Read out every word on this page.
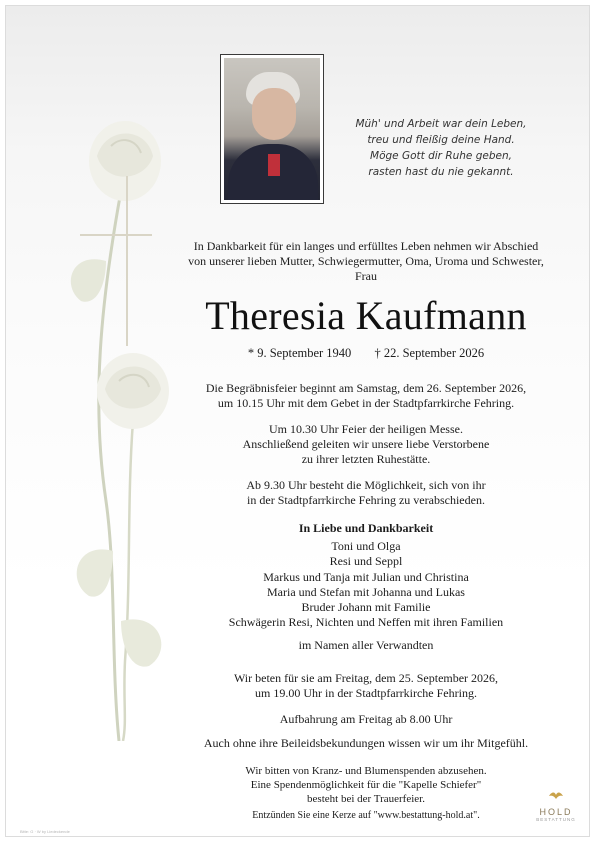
Müh' und Arbeit war dein Leben,
treu und fleißig deine Hand.
Möge Gott dir Ruhe geben,
rasten hast du nie gekannt.
In Dankbarkeit für ein langes und erfülltes Leben nehmen wir Abschied
von unserer lieben Mutter, Schwiegermutter, Oma, Uroma und Schwester,
Frau
Theresia Kaufmann
* 9. September 1940 † 22. September 2026
Die Begräbnisfeier beginnt am Samstag, dem 26. September 2026,
um 10.15 Uhr mit dem Gebet in der Stadtpfarrkirche Fehring.
Um 10.30 Uhr Feier der heiligen Messe.
Anschließend geleiten wir unsere liebe Verstorbene
zu ihrer letzten Ruhestätte.
Ab 9.30 Uhr besteht die Möglichkeit, sich von ihr
in der Stadtpfarrkirche Fehring zu verabschieden.
In Liebe und Dankbarkeit
Toni und Olga
Resi und Seppl
Markus und Tanja mit Julian und Christina
Maria und Stefan mit Johanna und Lukas
Bruder Johann mit Familie
Schwägerin Resi, Nichten und Neffen mit ihren Familien
im Namen aller Verwandten
Wir beten für sie am Freitag, dem 25. September 2026,
um 19.00 Uhr in der Stadtpfarrkirche Fehring.
Aufbahrung am Freitag ab 8.00 Uhr
Auch ohne ihre Beileidsbekundungen wissen wir um ihr Mitgefühl.
Wir bitten von Kranz- und Blumenspenden abzusehen.
Eine Spendenmöglichkeit für die "Kapelle Schiefer"
besteht bei der Trauerfeier.
Entzünden Sie eine Kerze auf "www.bestattung-hold.at".	HOLD
BESTATTUNG
Bitte: G · W by Liedeckende
